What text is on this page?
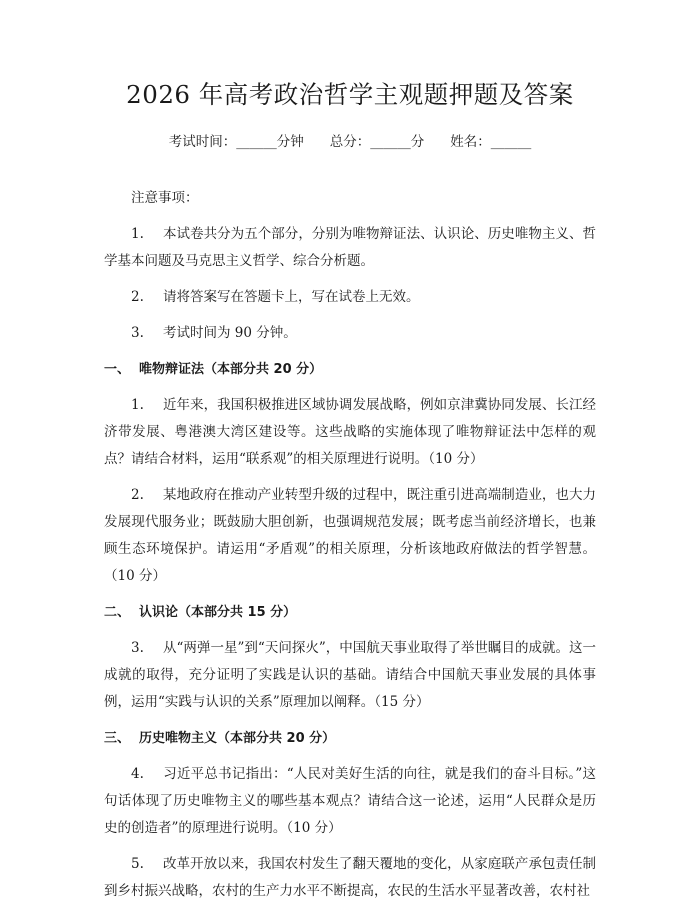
2026 年高考政治哲学主观题押题及答案
考试时间：______分钟 总分：______分 姓名：______

注意事项：

1. 本试卷共分为五个部分，分别为唯物辩证法、认识论、历史唯物主义、哲学基本问题及马克思主义哲学、综合分析题。

2. 请将答案写在答题卡上，写在试卷上无效。

3. 考试时间为 90 分钟。

一、 唯物辩证法（本部分共 20 分）

1. 近年来，我国积极推进区域协调发展战略，例如京津冀协同发展、长江经济带发展、粤港澳大湾区建设等。这些战略的实施体现了唯物辩证法中怎样的观点？请结合材料，运用“联系观”的相关原理进行说明。（10 分）

2. 某地政府在推动产业转型升级的过程中，既注重引进高端制造业，也大力发展现代服务业；既鼓励大胆创新，也强调规范发展；既考虑当前经济增长，也兼顾生态环境保护。请运用“矛盾观”的相关原理，分析该地政府做法的哲学智慧。（10 分）

二、 认识论（本部分共 15 分）

3. 从“两弹一星”到“天问探火”，中国航天事业取得了举世瞩目的成就。这一成就的取得，充分证明了实践是认识的基础。请结合中国航天事业发展的具体事例，运用“实践与认识的关系”原理加以阐释。（15 分）

三、 历史唯物主义（本部分共 20 分）

4. 习近平总书记指出：“人民对美好生活的向往，就是我们的奋斗目标。”这句话体现了历史唯物主义的哪些基本观点？请结合这一论述，运用“人民群众是历史的创造者”的原理进行说明。（10 分）

5. 改革开放以来，我国农村发生了翻天覆地的变化，从家庭联产承包责任制到乡村振兴战略，农村的生产力水平不断提高，农民的生活水平显著改善，农村社
